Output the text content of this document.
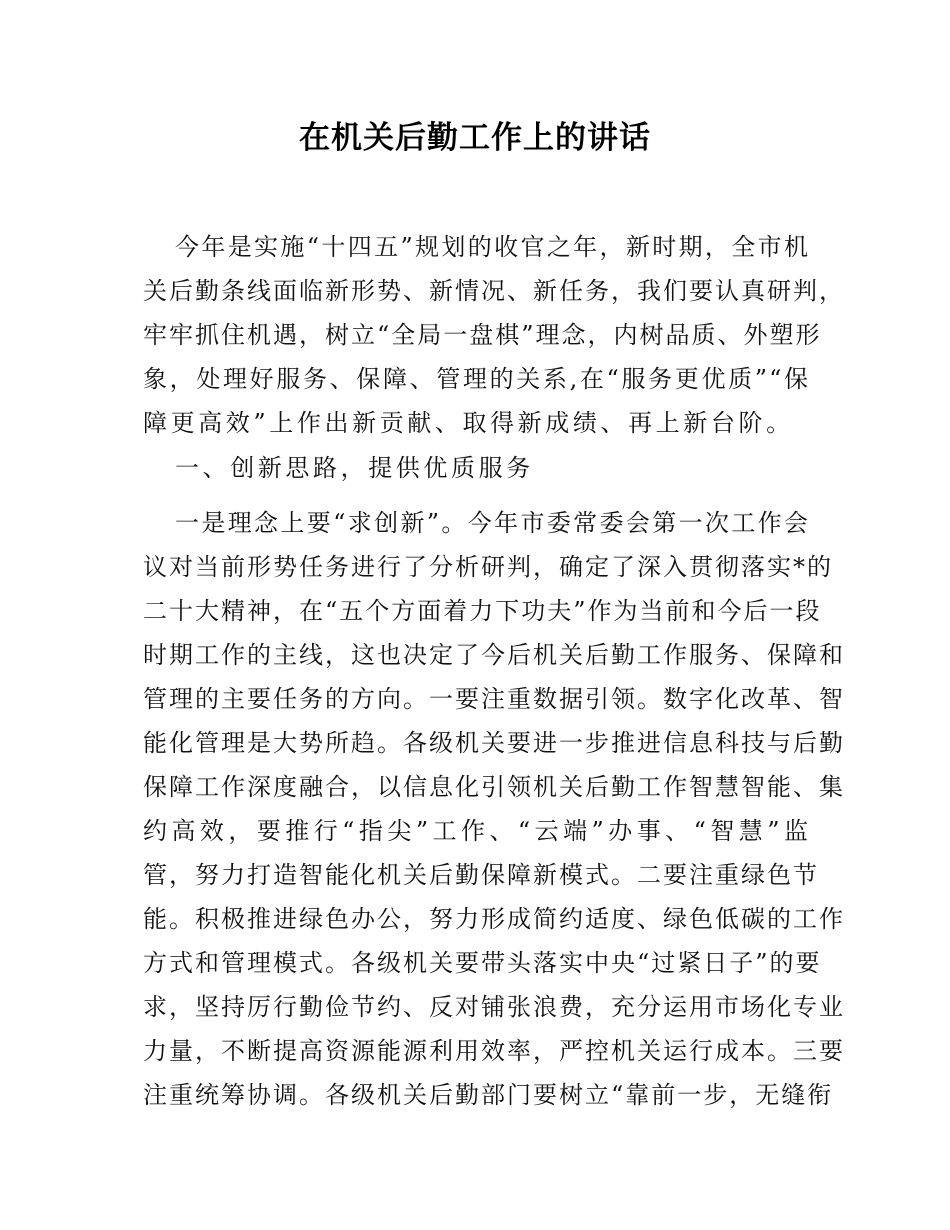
在机关后勤工作上的讲话
今年是实施“十四五”规划的收官之年，新时期，全市机
关后勤条线面临新形势、新情况、新任务，我们要认真研判，
牢牢抓住机遇，树立“全局一盘棋”理念，内树品质、外塑形
象，处理好服务、保障、管理的关系,在“服务更优质”“保
障更高效”上作出新贡献、取得新成绩、再上新台阶。
一、创新思路，提供优质服务
一是理念上要“求创新”。今年市委常委会第一次工作会
议对当前形势任务进行了分析研判，确定了深入贯彻落实*的
二十大精神，在“五个方面着力下功夫”作为当前和今后一段
时期工作的主线，这也决定了今后机关后勤工作服务、保障和
管理的主要任务的方向。一要注重数据引领。数字化改革、智
能化管理是大势所趋。各级机关要进一步推进信息科技与后勤
保障工作深度融合，以信息化引领机关后勤工作智慧智能、集
约高效，要推行“指尖”工作、“云端”办事、“智慧”监
管，努力打造智能化机关后勤保障新模式。二要注重绿色节
能。积极推进绿色办公，努力形成简约适度、绿色低碳的工作
方式和管理模式。各级机关要带头落实中央“过紧日子”的要
求，坚持厉行勤俭节约、反对铺张浪费，充分运用市场化专业
力量，不断提高资源能源利用效率，严控机关运行成本。三要
注重统筹协调。各级机关后勤部门要树立“靠前一步，无缝衔
